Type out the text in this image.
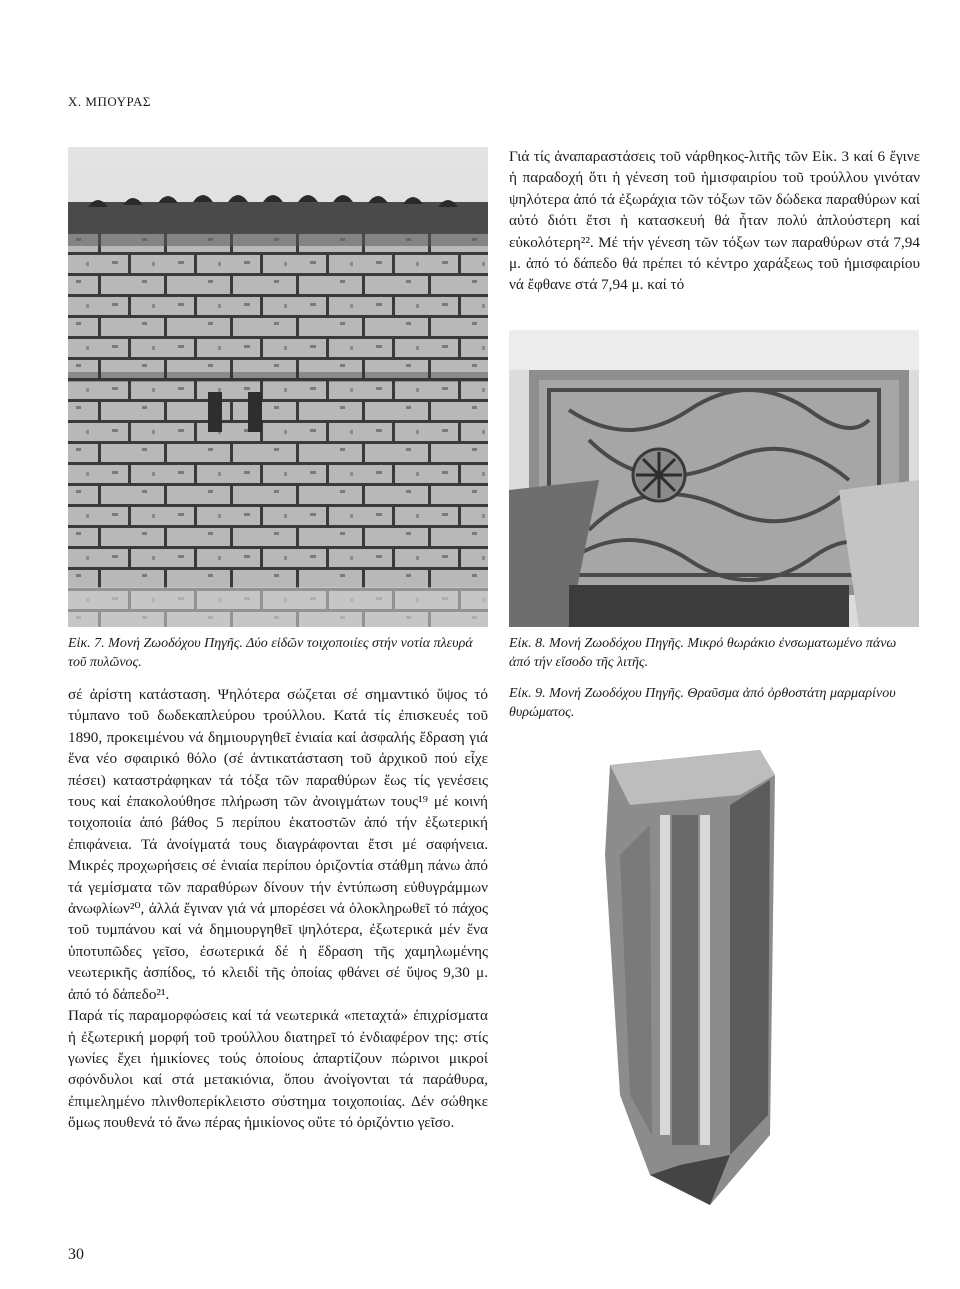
Χ. ΜΠΟΥΡΑΣ

Γιά τίς ἀναπαραστάσεις τοῦ νάρθηκος-λιτῆς τῶν Εἰκ. 3 καί 6 ἔγινε ἡ παραδοχή ὅτι ἡ γένεση τοῦ ἡμισφαιρίου τοῦ τρούλλου γινόταν ψηλότερα ἀπό τά ἐξωράχια τῶν τόξων τῶν δώδεκα παραθύρων καί αὐτό διότι ἔτσι ἡ κατασκευή θά ἦταν πολύ ἀπλούστερη καί εὐκολότερη²². Μέ τήν γένεση τῶν τόξων των παραθύρων στά 7,94 μ. ἀπό τό δάπεδο θά πρέπει τό κέντρο χαράξεως τοῦ ἡμισφαιρίου νά ἔφθανε στά 7,94 μ. καί τό

Εἰκ. 7. Μονή Ζωοδόχου Πηγῆς. Δύο εἰδῶν τοιχοποιίες στήν νοτία πλευρά τοῦ πυλῶνος.
Εἰκ. 8. Μονή Ζωοδόχου Πηγῆς. Μικρό θωράκιο ἐνσωματωμένο πάνω ἀπό τήν εἴσοδο τῆς λιτῆς.
Εἰκ. 9. Μονή Ζωοδόχου Πηγῆς. Θραῦσμα ἀπό ὀρθοστάτη μαρμαρίνου θυρώματος.

σέ ἀρίστη κατάσταση. Ψηλότερα σώζεται σέ σημαντικό ὕψος τό τύμπανο τοῦ δωδεκαπλεύρου τρούλλου. Κατά τίς ἐπισκευές τοῦ 1890, προκειμένου νά δημιουργηθεῖ ἑνιαία καί ἀσφαλής ἕδραση γιά ἕνα νέο σφαιρικό θόλο (σέ ἀντικατάσταση τοῦ ἀρχικοῦ πού εἶχε πέσει) καταστράφηκαν τά τόξα τῶν παραθύρων ἕως τίς γενέσεις τους καί ἐπακολούθησε πλήρωση τῶν ἀνοιγμάτων τους¹⁹ μέ κοινή τοιχοποιία ἀπό βάθος 5 περίπου ἑκατοστῶν ἀπό τήν ἐξωτερική ἐπιφάνεια. Τά ἀνοίγματά τους διαγράφονται ἔτσι μέ σαφήνεια. Μικρές προχωρήσεις σέ ἑνιαία περίπου ὁριζοντία στάθμη πάνω ἀπό τά γεμίσματα τῶν παραθύρων δίνουν τήν ἐντύπωση εὐθυγράμμων ἀνωφλίων²⁰, ἀλλά ἔγιναν γιά νά μπορέσει νά ὁλοκληρωθεῖ τό πάχος τοῦ τυμπάνου καί νά δημιουργηθεῖ ψηλότερα, ἐξωτερικά μέν ἕνα ὑποτυπῶδες γεῖσο, ἐσωτερικά δέ ἡ ἕδραση τῆς χαμηλωμένης νεωτερικῆς ἀσπίδος, τό κλειδί τῆς ὁποίας φθάνει σέ ὕψος 9,30 μ. ἀπό τό δάπεδο²¹.

Παρά τίς παραμορφώσεις καί τά νεωτερικά «πεταχτά» ἐπιχρίσματα ἡ ἐξωτερική μορφή τοῦ τρούλλου διατηρεῖ τό ἐνδιαφέρον της: στίς γωνίες ἔχει ἡμικίονες τούς ὁποίους ἀπαρτίζουν πώρινοι μικροί σφόνδυλοι καί στά μετακιόνια, ὅπου ἀνοίγονται τά παράθυρα, ἐπιμελημένο πλινθοπερίκλειστο σύστημα τοιχοποιίας. Δέν σώθηκε ὅμως πουθενά τό ἄνω πέρας ἡμικίονος οὔτε τό ὁριζόντιο γεῖσο.

30
